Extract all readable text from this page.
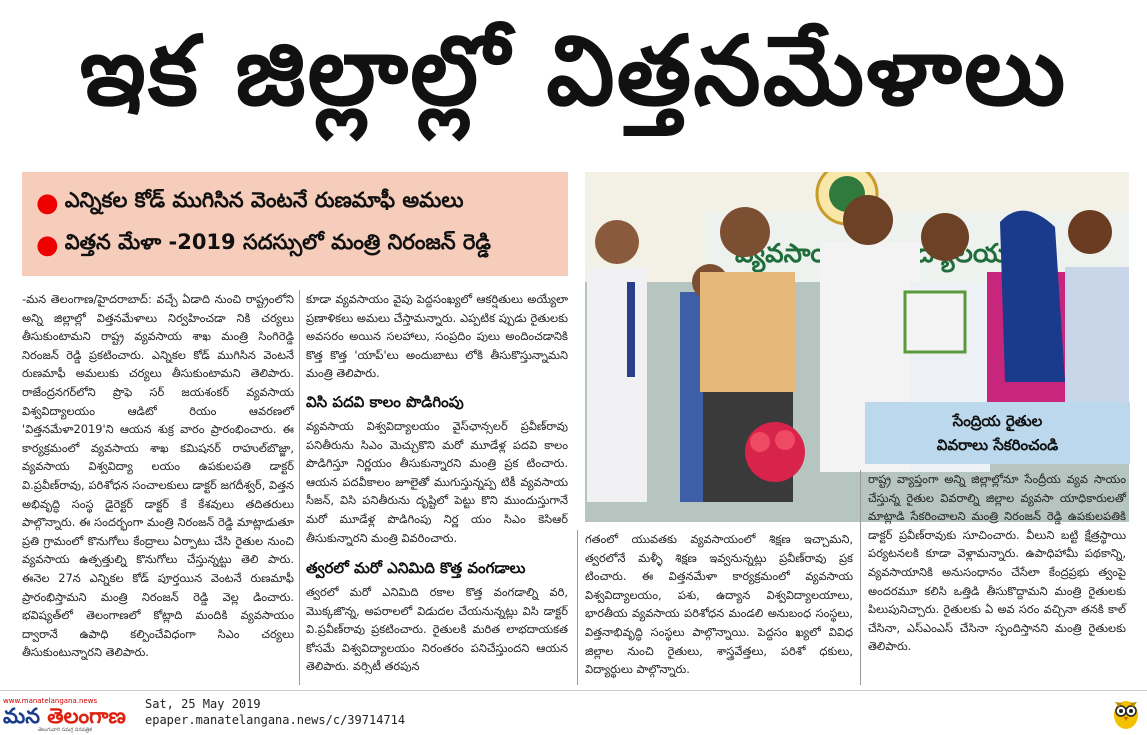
ఇక జిల్లాల్లో విత్తనమేళాలు
● ఎన్నికల కోడ్ ముగిసిన వెంటనే రుణమాఫీ అమలు
● విత్తన మేళా -2019 సదస్సులో మంత్రి నిరంజన్ రెడ్డి

-మన తెలంగాణ/హైదరాబాద్: వచ్చే ఏడాది నుంచి రాష్ట్రంలోని అన్ని జిల్లాల్లో విత్తనమేళాలు నిర్వహించడా నికి చర్యలు తీసుకుంటామని రాష్ట్ర వ్యవసాయ శాఖ మంత్రి సింగిరెడ్డి నిరంజన్ రెడ్డి ప్రకటించారు. ఎన్నికల కోడ్ ముగిసిన వెంటనే రుణమాఫీ అమలుకు చర్యలు తీసుకుంటామని తెలిపారు. రాజేంద్రనగర్‌లోని ప్రొఫె సర్ జయశంకర్ వ్యవసాయ విశ్వవిద్యాలయం ఆడిటో రియం ఆవరణలో 'విత్తనమేళా2019'ని ఆయన శుక్ర వారం ప్రారంభించారు. ఈ కార్యక్రమంలో వ్యవసాయ శాఖ కమిషనర్ రాహుల్‌బొజ్జా, వ్యవసాయ విశ్వవిద్యా లయం ఉపకులపతి డాక్టర్ వి.ప్రవీణ్‌రావు, పరిశోధన సంచాలకులు డాక్టర్ జగదీశ్వర్, విత్తన అభివృద్ధి సంస్థ డైరెక్టర్ డాక్టర్ కే కేశవులు తదితరులు పాల్గొన్నారు. ఈ సందర్భంగా మంత్రి నిరంజన్ రెడ్డి మాట్లాడుతూ ప్రతి గ్రామంలో కొనుగోలు కేంద్రాలు ఏర్పాటు చేసి రైతుల నుంచి వ్యవసాయ ఉత్పత్తుల్ని కొనుగోలు చేస్తున్నట్టు తెలి పారు. ఈనెల 27న ఎన్నికల కోడ్ పూర్తయిన వెంటనే రుణమాఫీ ప్రారంభిస్తామని మంత్రి నిరంజన్ రెడ్డి వెల్ల డించారు. భవిష్యత్‌లో తెలంగాణలో కోట్లాది మందికి వ్యవసాయం ద్వారానే ఉపాధి కల్పించేవిధంగా సిఎం చర్యలు తీసుకుంటున్నారని తెలిపారు.

కూడా వ్యవసాయం వైపు పెద్దసంఖ్యలో ఆకర్షితులు అయ్యేలా ప్రణాళికలు అమలు చేస్తామన్నారు. ఎప్పటిక ప్పుడు రైతులకు అవసరం అయిన సలహాలు, సంప్రదిం పులు అందించడానికి కొత్త కొత్త 'యాప్'లు అందుబాటు లోకి తీసుకొస్తున్నామని మంత్రి తెలిపారు.

విసి పదవి కాలం పొడిగింపు

వ్యవసాయ విశ్వవిద్యాలయం వైస్‌ఛాన్సలర్ ప్రవీణ్‌రావు పనితీరును సిఎం మెచ్చుకొని మరో మూడేళ్ల పదవి కాలం పొడిగిస్తూ నిర్ణయం తీసుకున్నారని మంత్రి ప్రక టించారు. ఆయన పదవీకాలం జూలైతో ముగుస్తున్నప్ప టికీ వ్యవసాయ సీజన్, విసి పనితీరును దృష్టిలో పెట్టు కొని ముందుస్తుగానే మరో మూడేళ్ల పొడిగింపు నిర్ణ యం సిఎం కెసిఆర్ తీసుకున్నారని మంత్రి వివరించారు.

త్వరలో మరో ఎనిమిది కొత్త వంగడాలు

త్వరలో మరో ఎనిమిది రకాల కొత్త వంగడాల్ని వరి, మొక్కజొన్న, అపరాలలో విడుదల చేయనున్నట్లు విసి డాక్టర్ వి.ప్రవీణ్‌రావు ప్రకటించారు. రైతులకి మరిత లాభదాయకత కోసమే విశ్వవిద్యాలయం నిరంతరం పనిచేస్తుందని ఆయన తెలిపారు. వర్సిటీ తరపున

వ్యవసాయ
సేంద్రియ రైతుల
వివరాలు సేకరించండి

గతంలో యువతకు వ్యవసాయంలో శిక్షణ ఇచ్చామని, త్వరలోనే మళ్ళీ శిక్షణ ఇవ్వనున్నట్లు ప్రవీణ్‌రావు ప్రక టించారు. ఈ విత్తనమేళా కార్యక్రమంలో వ్యవసాయ విశ్వవిద్యాలయం, పశు, ఉద్యాన విశ్వవిద్యాలయాలు, భారతీయ వ్యవసాయ పరిశోధన మండలి అనుబంధ సంస్థలు, విత్తనాభివృద్ధి సంస్థలు పాల్గొన్నాయి. పెద్దసం ఖ్యలో వివిధ జిల్లాల నుంచి రైతులు, శాస్త్రవేత్తలు, పరిశో ధకులు, విద్యార్థులు పాల్గొన్నారు.

రాష్ట్ర వ్యాప్తంగా అన్ని జిల్లాల్లోనూ సేంద్రీయ వ్యవ సాయం చేస్తున్న రైతుల వివరాల్ని జిల్లాల వ్యవసా యాధికారులతో మాట్లాడి సేకరించాలని మంత్రి నిరంజన్ రెడ్డి ఉపకులపతికి డాక్టర్ ప్రవీణ్‌రావుకు సూచించారు. వీలుని బట్టి క్షేత్రస్థాయి పర్యటనలకి కూడా వెళ్లామన్నారు. ఉపాధిహామీ పథకాన్ని, వ్యవసాయానికి అనుసంధానం చేసేలా కేంద్రప్రభు త్వంపై అందరమూ కలిసి ఒత్తిడి తీసుకొద్దామని మంత్రి రైతులకు పిలుపునిచ్చారు. రైతులకు ఏ అవ సరం వచ్చినా తనకి కాల్ చేసినా, ఎస్ఎంఎస్ చేసినా స్పందిస్తానని మంత్రి రైతులకు తెలిపారు.

www.manatelangana.news
మన తెలంగాణ
తెలుగువారి సమగ్ర దినపత్రిక
Sat, 25 May 2019
epaper.manatelangana.news/c/39714714
